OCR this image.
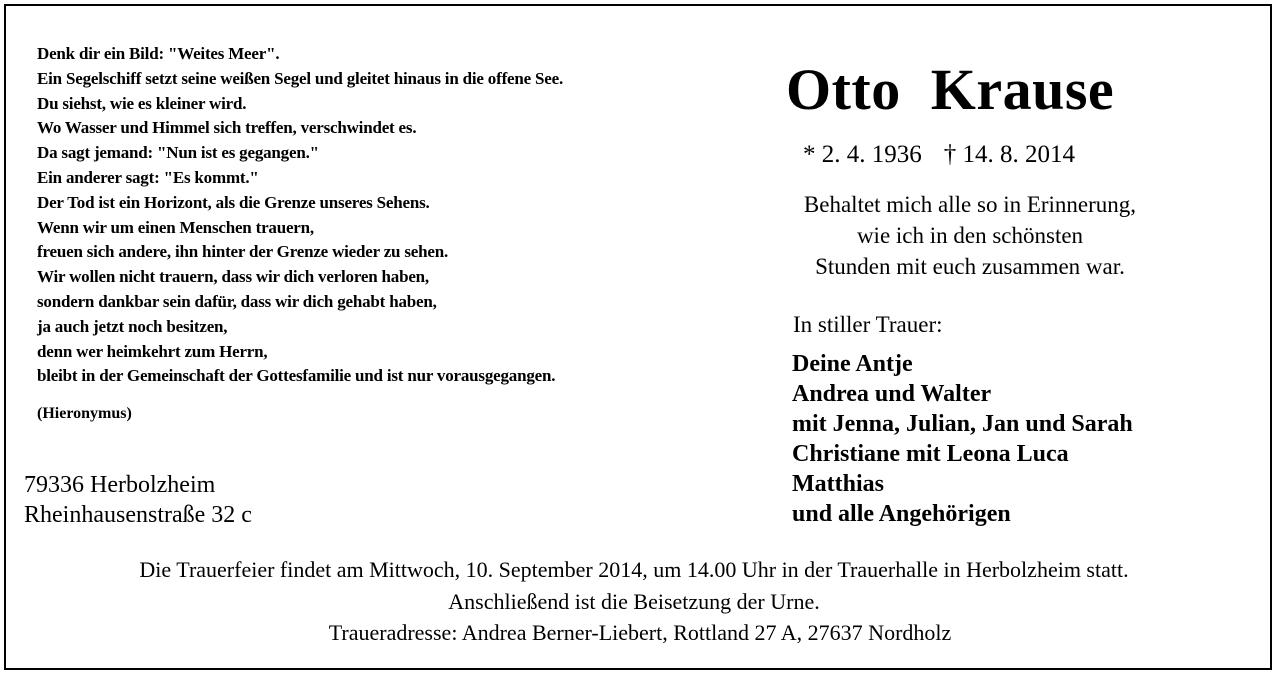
Denk dir ein Bild: "Weites Meer".
Ein Segelschiff setzt seine weißen Segel und gleitet hinaus in die offene See.
Du siehst, wie es kleiner wird.
Wo Wasser und Himmel sich treffen, verschwindet es.
Da sagt jemand: "Nun ist es gegangen."
Ein anderer sagt: "Es kommt."
Der Tod ist ein Horizont, als die Grenze unseres Sehens.
Wenn wir um einen Menschen trauern,
freuen sich andere, ihn hinter der Grenze wieder zu sehen.
Wir wollen nicht trauern, dass wir dich verloren haben,
sondern dankbar sein dafür, dass wir dich gehabt haben,
ja auch jetzt noch besitzen,
denn wer heimkehrt zum Herrn,
bleibt in der Gemeinschaft der Gottesfamilie und ist nur vorausgegangen.
(Hieronymus)
79336 Herbolzheim
Rheinhausenstraße 32 c
Otto  Krause
* 2. 4. 1936 † 14. 8. 2014
Behaltet mich alle so in Erinnerung,
wie ich in den schönsten
Stunden mit euch zusammen war.
In stiller Trauer:
Deine Antje
Andrea und Walter
mit Jenna, Julian, Jan und Sarah
Christiane mit Leona Luca
Matthias
und alle Angehörigen
Die Trauerfeier findet am Mittwoch, 10. September 2014, um 14.00 Uhr in der Trauerhalle in Herbolzheim statt.
Anschließend ist die Beisetzung der Urne.
Traueradresse: Andrea Berner-Liebert, Rottland 27 A, 27637 Nordholz
